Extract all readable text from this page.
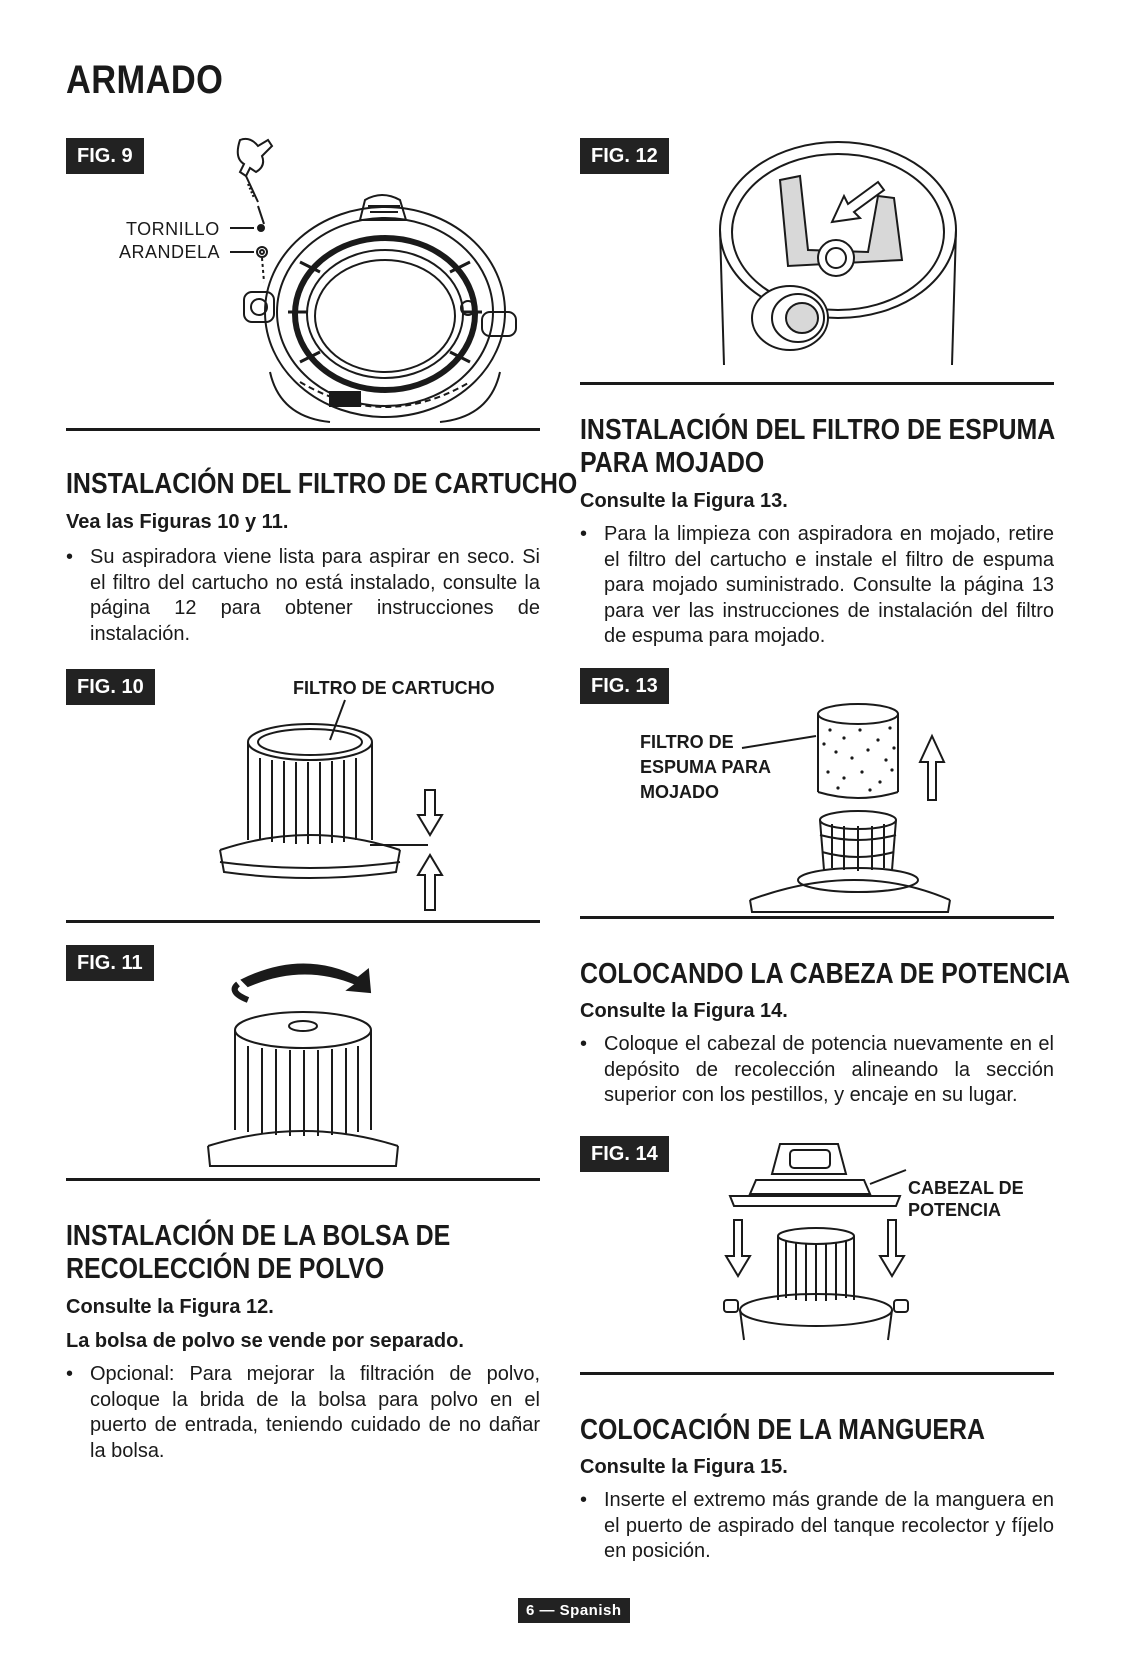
ARMADO
FIG. 9
TORNILLO
ARANDELA
INSTALACIÓN DEL FILTRO DE CARTUCHO
Vea las Figuras 10 y 11.
• Su aspiradora viene lista para aspirar en seco. Si el filtro del cartucho no está instalado, consulte la página 12 para obtener instrucciones de instalación.
FIG. 10	FILTRO DE CARTUCHO
FIG. 11
INSTALACIÓN DE LA BOLSA DE
RECOLECCIÓN DE POLVO
Consulte la Figura 12.
La bolsa de polvo se vende por separado.
• Opcional: Para mejorar la filtración de polvo, coloque la brida de la bolsa para polvo en el puerto de entrada, teniendo cuidado de no dañar la bolsa.
FIG. 12
INSTALACIÓN DEL FILTRO DE ESPUMA
PARA MOJADO
Consulte la Figura 13.
• Para la limpieza con aspiradora en mojado, retire el filtro del cartucho e instale el filtro de espuma para mojado suministrado. Consulte la página 13 para ver las instrucciones de instalación del filtro de espuma para mojado.
FIG. 13
FILTRO DE
ESPUMA PARA
MOJADO
COLOCANDO LA CABEZA DE POTENCIA
Consulte la Figura 14.
• Coloque el cabezal de potencia nuevamente en el depósito de recolección alineando la sección superior con los pestillos, y encaje en su lugar.
FIG. 14
CABEZAL DE
POTENCIA
COLOCACIÓN DE LA MANGUERA
Consulte la Figura 15.
• Inserte el extremo más grande de la manguera en el puerto de aspirado del tanque recolector y fíjelo en posición.
6 — Spanish
